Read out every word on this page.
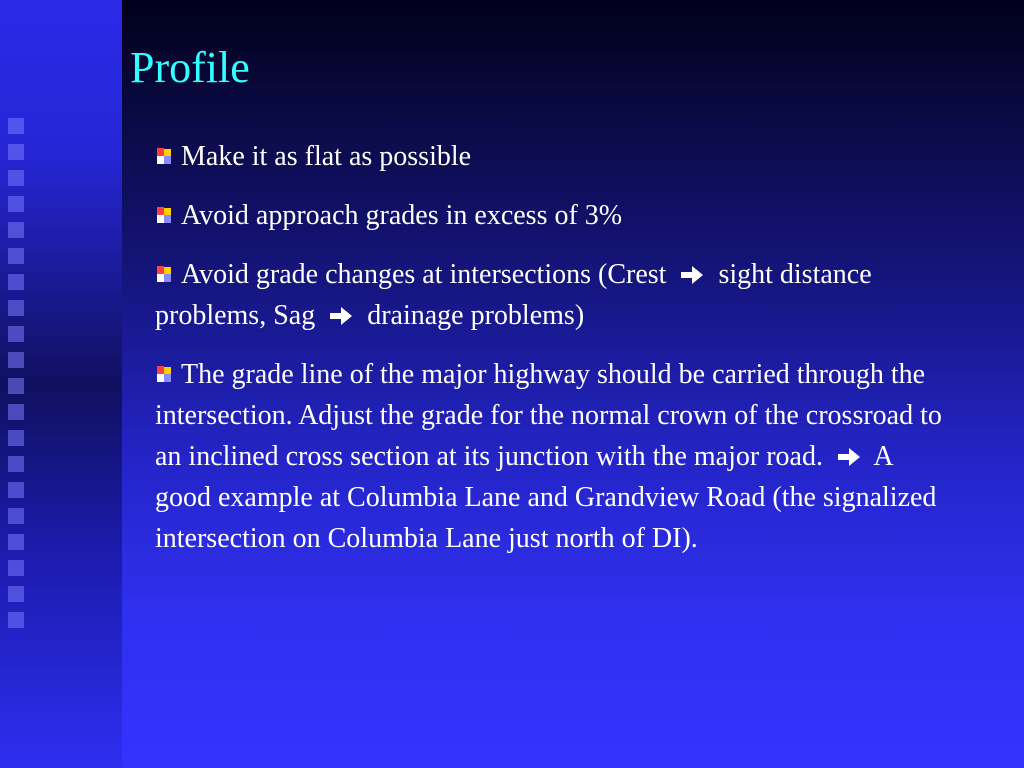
Profile

Make it as flat as possible

Avoid approach grades in excess of 3%

Avoid grade changes at intersections (Crest sight distance problems, Sag drainage problems)

The grade line of the major highway should be carried through the intersection. Adjust the grade for the normal crown of the crossroad to an inclined cross section at its junction with the major road. A good example at Columbia Lane and Grandview Road (the signalized intersection on Columbia Lane just north of DI).
